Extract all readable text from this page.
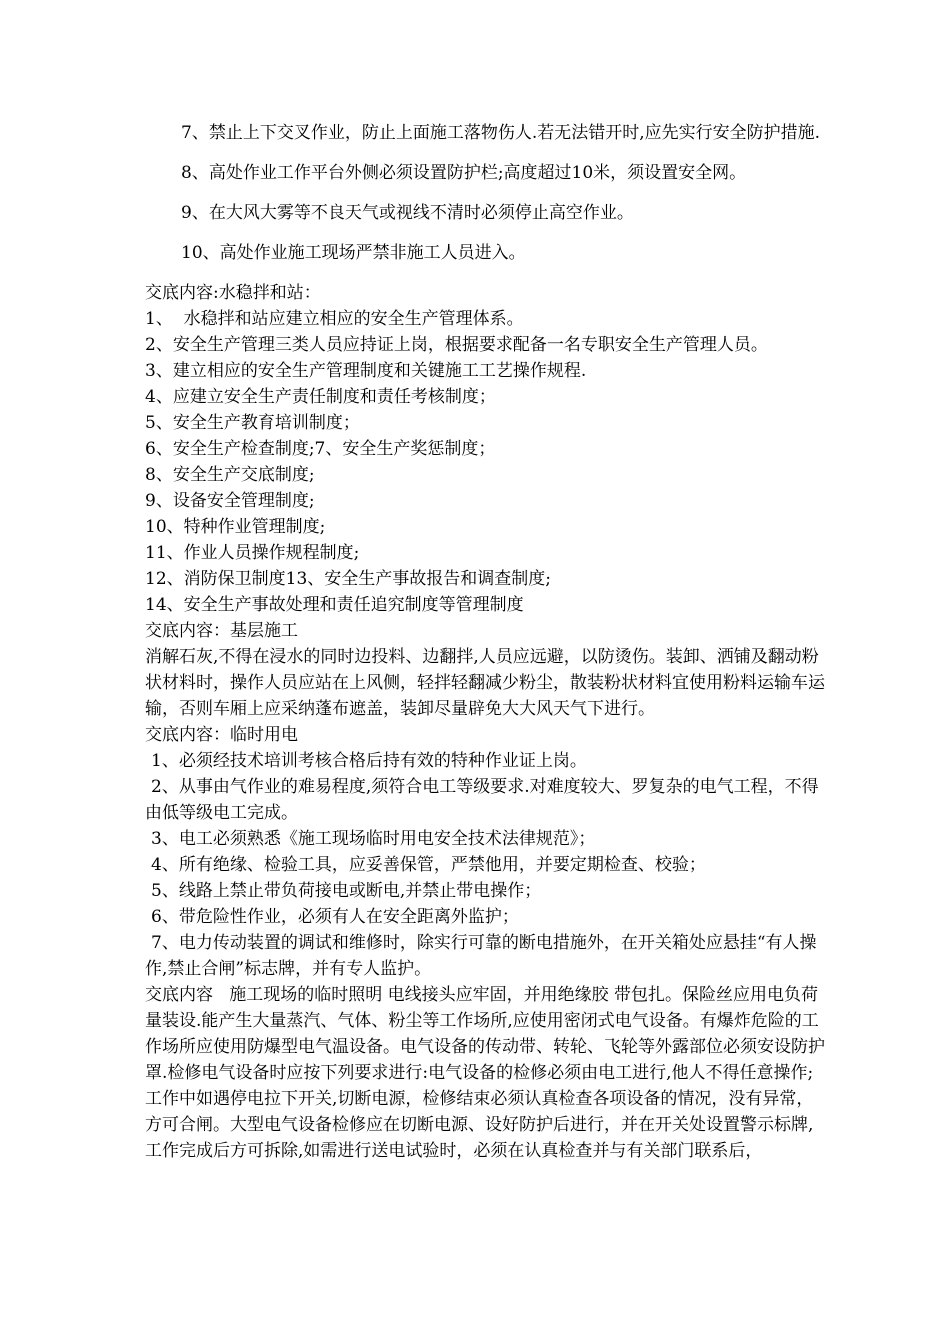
7、禁止上下交叉作业，防止上面施工落物伤人.若无法错开时,应先实行安全防护措施.

8、高处作业工作平台外侧必须设置防护栏;高度超过10米，须设置安全网。

9、在大风大雾等不良天气或视线不清时必须停止高空作业。

10、高处作业施工现场严禁非施工人员进入。

交底内容:水稳拌和站：

1、  水稳拌和站应建立相应的安全生产管理体系。

2、安全生产管理三类人员应持证上岗，根据要求配备一名专职安全生产管理人员。

3、建立相应的安全生产管理制度和关键施工工艺操作规程.

4、应建立安全生产责任制度和责任考核制度；

5、安全生产教育培训制度；

6、安全生产检查制度;7、安全生产奖惩制度；

8、安全生产交底制度;

9、设备安全管理制度;

10、特种作业管理制度;

11、作业人员操作规程制度;

12、消防保卫制度13、安全生产事故报告和调查制度;

14、安全生产事故处理和责任追究制度等管理制度

交底内容：基层施工

消解石灰,不得在浸水的同时边投料、边翻拌,人员应远避，以防烫伤。装卸、洒铺及翻动粉状材料时，操作人员应站在上风侧，轻拌轻翻减少粉尘，散装粉状材料宜使用粉料运输车运输，否则车厢上应采纳蓬布遮盖，装卸尽量辟免大大风天气下进行。

交底内容：临时用电

1、必须经技术培训考核合格后持有效的特种作业证上岗。

2、从事由气作业的难易程度,须符合电工等级要求.对难度较大、罗复杂的电气工程，不得由低等级电工完成。

3、电工必须熟悉《施工现场临时用电安全技术法律规范》；

4、所有绝缘、检验工具，应妥善保管，严禁他用，并要定期检查、校验；

5、线路上禁止带负荷接电或断电,并禁止带电操作；

6、带危险性作业，必须有人在安全距离外监护；

7、电力传动装置的调试和维修时，除实行可靠的断电措施外，在开关箱处应悬挂“有人操作,禁止合闸”标志牌，并有专人监护。

交底内容   施工现场的临时照明 电线接头应牢固，并用绝缘胶 带包扎。保险丝应用电负荷量装设.能产生大量蒸汽、气体、粉尘等工作场所,应使用密闭式电气设备。有爆炸危险的工作场所应使用防爆型电气温设备。电气设备的传动带、转轮、飞轮等外露部位必须安设防护罩.检修电气设备时应按下列要求进行:电气设备的检修必须由电工进行,他人不得任意操作;工作中如遇停电拉下开关,切断电源，检修结束必须认真检查各项设备的情况，没有异常，方可合闸。大型电气设备检修应在切断电源、设好防护后进行，并在开关处设置警示标牌,工作完成后方可拆除,如需进行送电试验时，必须在认真检查并与有关部门联系后，
